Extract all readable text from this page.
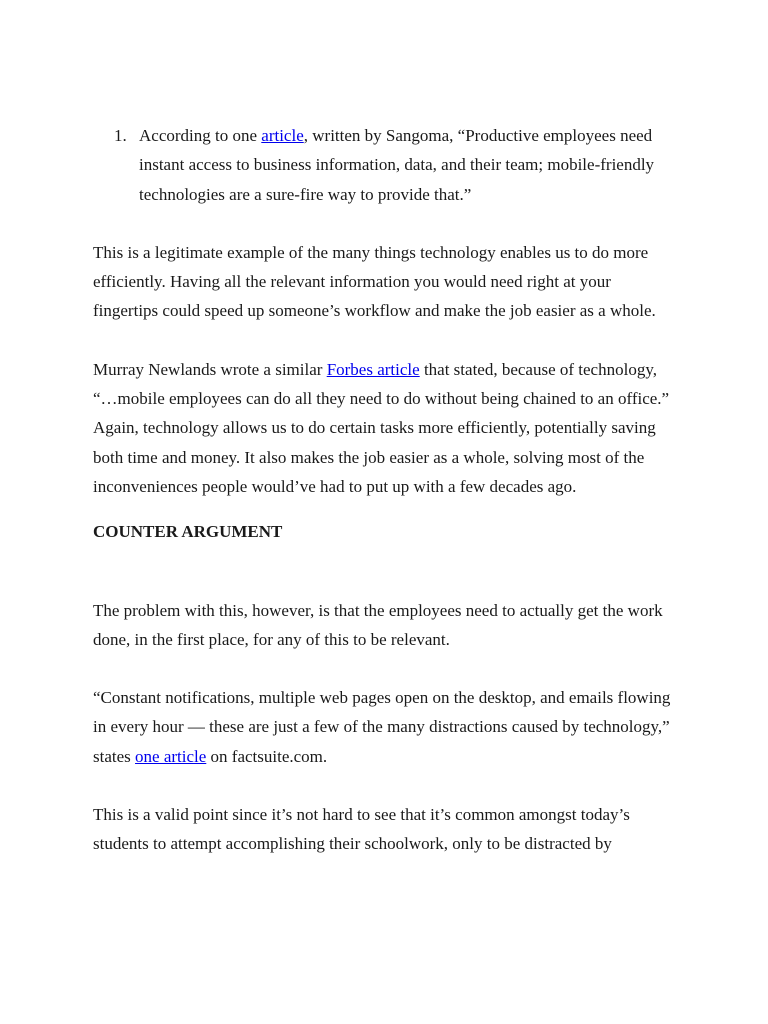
1. According to one article, written by Sangoma, “Productive employees need instant access to business information, data, and their team; mobile-friendly technologies are a sure-fire way to provide that.”

This is a legitimate example of the many things technology enables us to do more efficiently. Having all the relevant information you would need right at your fingertips could speed up someone’s workflow and make the job easier as a whole.

Murray Newlands wrote a similar Forbes article that stated, because of technology, “…mobile employees can do all they need to do without being chained to an office.” Again, technology allows us to do certain tasks more efficiently, potentially saving both time and money. It also makes the job easier as a whole, solving most of the inconveniences people would’ve had to put up with a few decades ago.

COUNTER ARGUMENT

The problem with this, however, is that the employees need to actually get the work done, in the first place, for any of this to be relevant.

“Constant notifications, multiple web pages open on the desktop, and emails flowing in every hour — these are just a few of the many distractions caused by technology,” states one article on factsuite.com.

This is a valid point since it’s not hard to see that it’s common amongst today’s students to attempt accomplishing their schoolwork, only to be distracted by
